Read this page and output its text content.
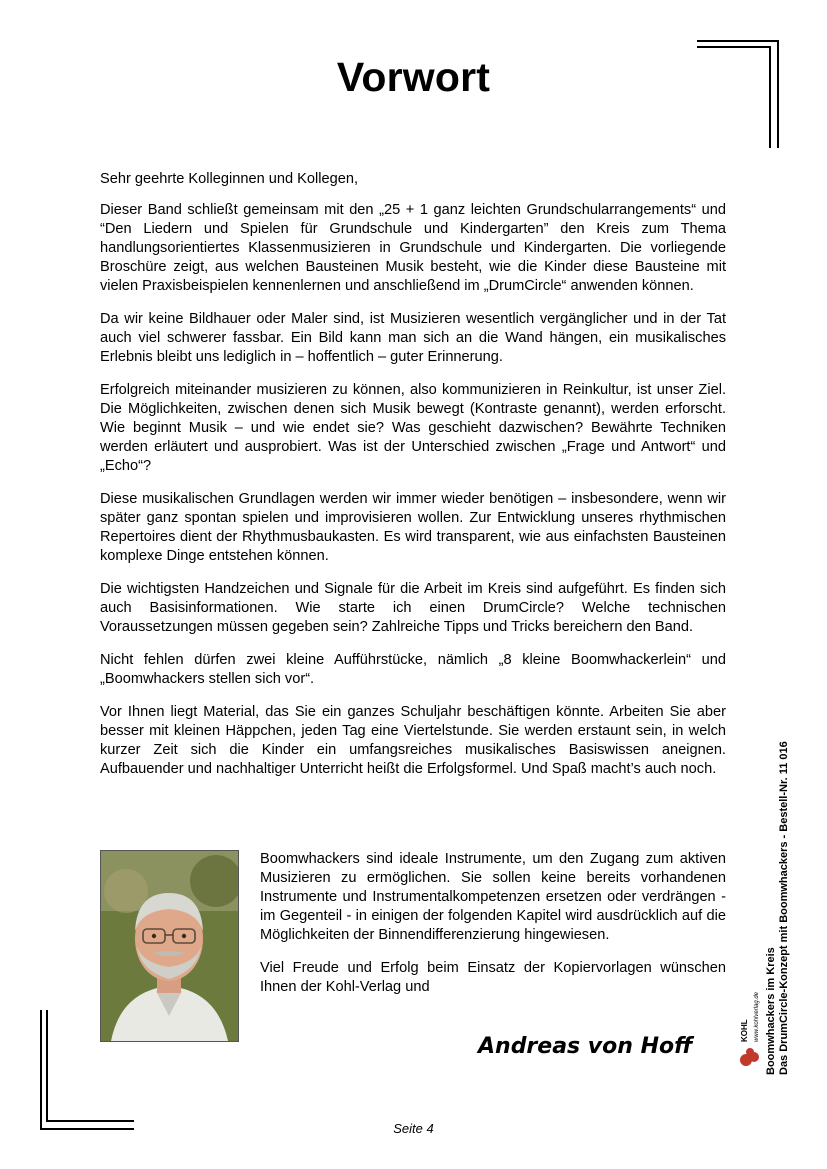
Vorwort

Sehr geehrte Kolleginnen und Kollegen,

Dieser Band schließt gemeinsam mit den „25 + 1 ganz leichten Grundschularrangements“ und “Den Liedern und Spielen für Grundschule und Kindergarten” den Kreis zum Thema handlungsorientiertes Klassenmusizieren in Grundschule und Kindergarten. Die vorliegende Broschüre zeigt, aus welchen Bausteinen Musik besteht, wie die Kinder diese Bausteine mit vielen Praxisbeispielen kennenlernen und anschließend im „DrumCircle“ anwenden können.

Da wir keine Bildhauer oder Maler sind, ist Musizieren wesentlich vergänglicher und in der Tat auch viel schwerer fassbar. Ein Bild kann man sich an die Wand hängen, ein musikalisches Erlebnis bleibt uns lediglich in – hoffentlich – guter Erinnerung.

Erfolgreich miteinander musizieren zu können, also kommunizieren in Reinkultur, ist unser Ziel. Die Möglichkeiten, zwischen denen sich Musik bewegt (Kontraste genannt), werden erforscht. Wie beginnt Musik – und wie endet sie? Was geschieht dazwischen? Bewährte Techniken werden erläutert und ausprobiert. Was ist der Unterschied zwischen „Frage und Antwort“ und „Echo“?

Diese musikalischen Grundlagen werden wir immer wieder benötigen – insbesondere, wenn wir später ganz spontan spielen und improvisieren wollen. Zur Entwicklung unseres rhythmischen Repertoires dient der Rhythmusbaukasten. Es wird transparent, wie aus einfachsten Bausteinen komplexe Dinge entstehen können.

Die wichtigsten Handzeichen und Signale für die Arbeit im Kreis sind aufgeführt. Es finden sich auch Basisinformationen. Wie starte ich einen DrumCircle? Welche technischen Voraussetzungen müssen gegeben sein? Zahlreiche Tipps und Tricks bereichern den Band.

Nicht fehlen dürfen zwei kleine Aufführstücke, nämlich „8 kleine Boomwhackerlein“ und „Boomwhackers stellen sich vor“.

Vor Ihnen liegt Material, das Sie ein ganzes Schuljahr beschäftigen könnte. Arbeiten Sie aber besser mit kleinen Häppchen, jeden Tag eine Viertelstunde. Sie werden erstaunt sein, in welch kurzer Zeit sich die Kinder ein umfangsreiches musikalisches Basiswissen aneignen. Aufbauender und nachhaltiger Unterricht heißt die Erfolgsformel. Und Spaß macht’s auch noch.

Boomwhackers sind ideale Instrumente, um den Zugang zum aktiven Musizieren zu ermöglichen. Sie sollen keine bereits vorhandenen Instrumente und Instrumentalkompetenzen ersetzen oder verdrängen - im Gegenteil - in einigen der folgenden Kapitel wird ausdrücklich auf die Möglichkeiten der Binnendifferenzierung hingewiesen.

Viel Freude und Erfolg beim Einsatz der Kopiervorlagen wünschen Ihnen der Kohl-Verlag und

Andreas von Hoff
Seite 4
Boomwhackers im Kreis Das DrumCircle-Konzept mit Boomwhackers - Bestell-Nr. 11 016
KOHL www.kohlverlag.de
